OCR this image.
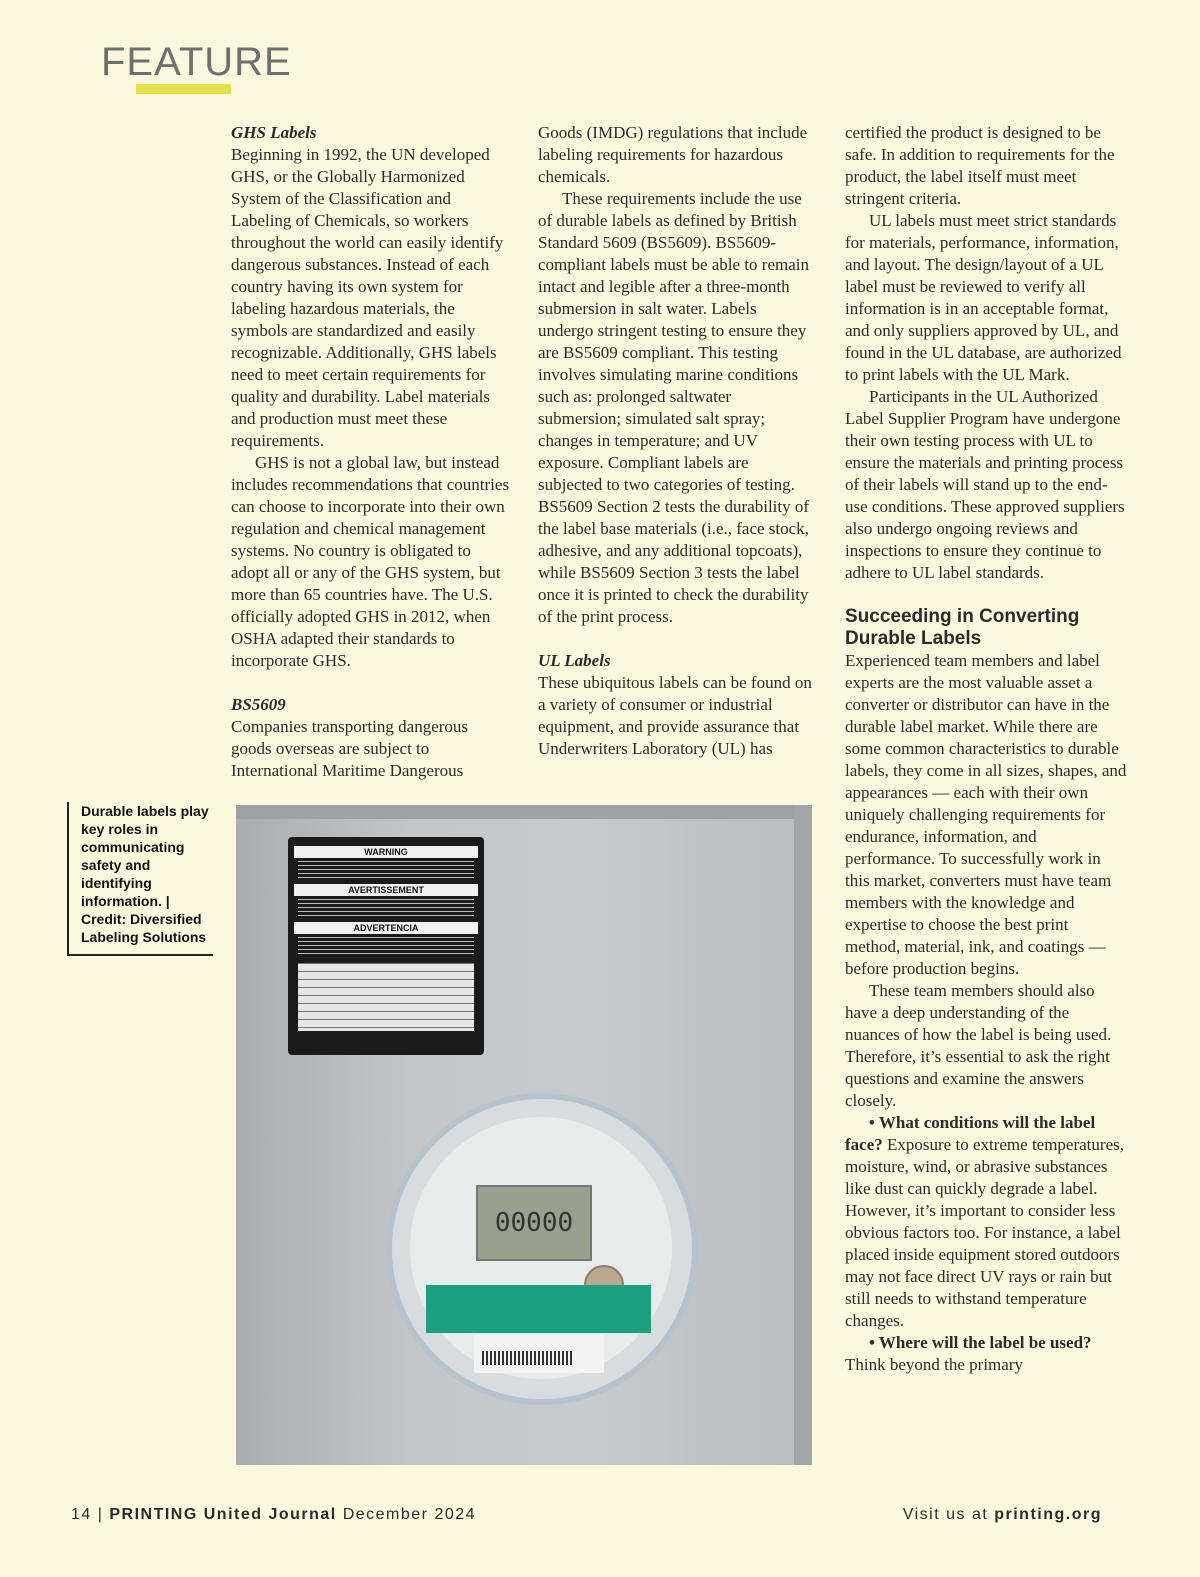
FEATURE

GHS Labels

Beginning in 1992, the UN developed GHS, or the Globally Harmonized System of the Classification and Labeling of Chemicals, so workers throughout the world can easily identify dangerous substances. Instead of each country having its own system for labeling hazardous materials, the symbols are standardized and easily recognizable. Additionally, GHS labels need to meet certain requirements for quality and durability. Label materials and production must meet these requirements.

GHS is not a global law, but instead includes recommendations that countries can choose to incorporate into their own regulation and chemical management systems. No country is obligated to adopt all or any of the GHS system, but more than 65 countries have. The U.S. officially adopted GHS in 2012, when OSHA adapted their standards to incorporate GHS.

BS5609

Companies transporting dangerous goods overseas are subject to International Maritime Dangerous

Goods (IMDG) regulations that include labeling requirements for hazardous chemicals.

These requirements include the use of durable labels as defined by British Standard 5609 (BS5609). BS5609-compliant labels must be able to remain intact and legible after a three-month submersion in salt water. Labels undergo stringent testing to ensure they are BS5609 compliant. This testing involves simulating marine conditions such as: prolonged saltwater submersion; simulated salt spray; changes in temperature; and UV exposure. Compliant labels are subjected to two categories of testing. BS5609 Section 2 tests the durability of the label base materials (i.e., face stock, adhesive, and any additional topcoats), while BS5609 Section 3 tests the label once it is printed to check the durability of the print process.

UL Labels

These ubiquitous labels can be found on a variety of consumer or industrial equipment, and provide assurance that Underwriters Laboratory (UL) has

certified the product is designed to be safe. In addition to requirements for the product, the label itself must meet stringent criteria.

UL labels must meet strict standards for materials, performance, information, and layout. The design/layout of a UL label must be reviewed to verify all information is in an acceptable format, and only suppliers approved by UL, and found in the UL database, are authorized to print labels with the UL Mark.

Participants in the UL Authorized Label Supplier Program have undergone their own testing process with UL to ensure the materials and printing process of their labels will stand up to the end-use conditions. These approved suppliers also undergo ongoing reviews and inspections to ensure they continue to adhere to UL label standards.

Succeeding in Converting Durable Labels

Experienced team members and label experts are the most valuable asset a converter or distributor can have in the durable label market. While there are some common characteristics to durable labels, they come in all sizes, shapes, and appearances — each with their own uniquely challenging requirements for endurance, information, and performance. To successfully work in this market, converters must have team members with the knowledge and expertise to choose the best print method, material, ink, and coatings — before production begins.

These team members should also have a deep understanding of the nuances of how the label is being used. Therefore, it’s essential to ask the right questions and examine the answers closely.

• What conditions will the label face? Exposure to extreme temperatures, moisture, wind, or abrasive substances like dust can quickly degrade a label. However, it’s important to consider less obvious factors too. For instance, a label placed inside equipment stored outdoors may not face direct UV rays or rain but still needs to withstand temperature changes.

• Where will the label be used? Think beyond the primary

Durable labels play key roles in communicating safety and identifying information. | Credit: Diversified Labeling Solutions
WARNING
AVERTISSEMENT
ADVERTENCIA
00000
14 | PRINTING United Journal December 2024	Visit us at printing.org
